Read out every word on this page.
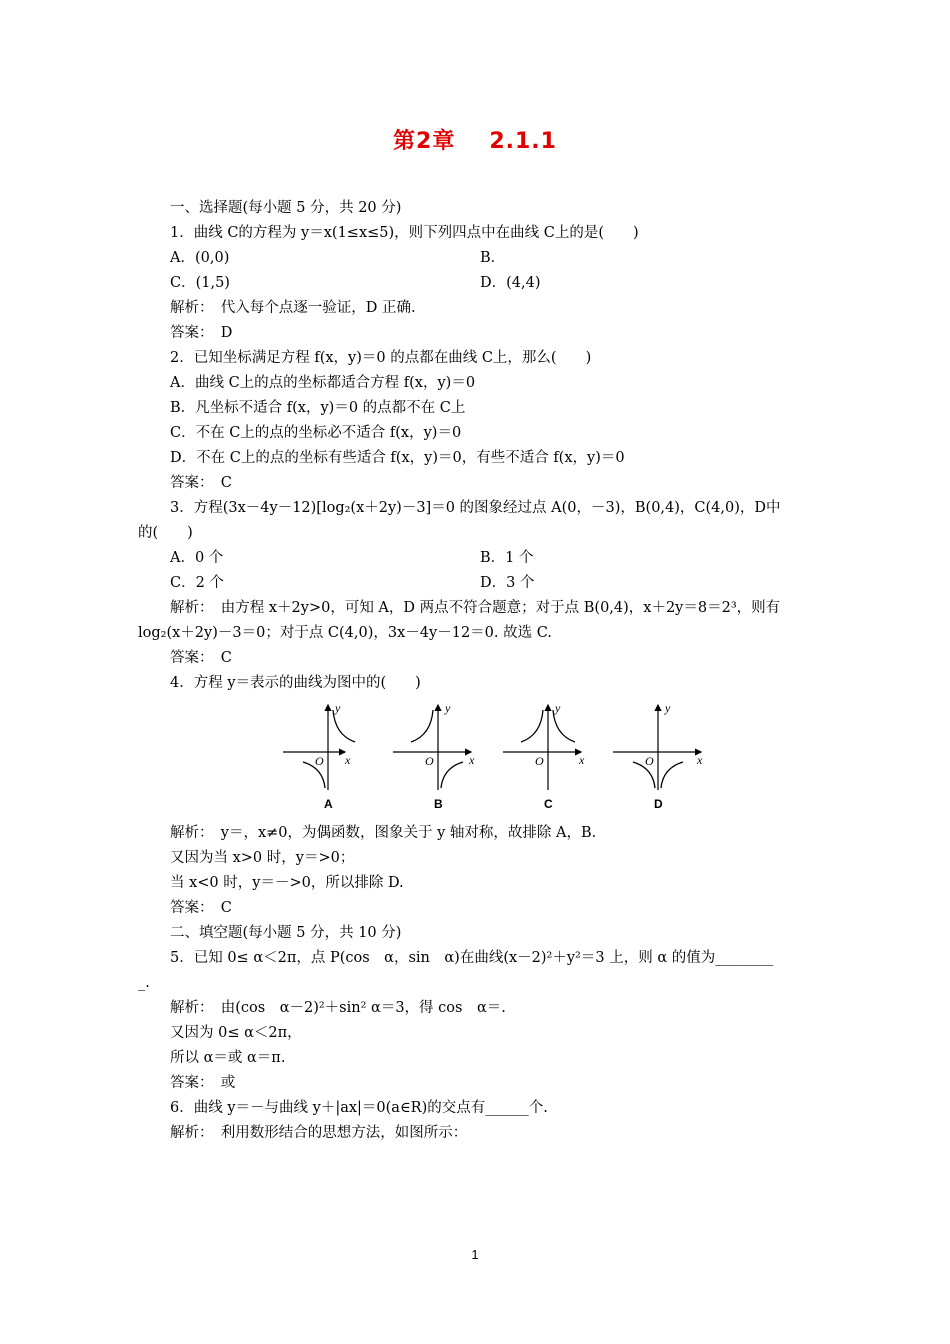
第2章 2.1.1
一、选择题(每小题 5 分，共 20 分)
1．曲线 C的方程为 y＝x(1≤x≤5)，则下列四点中在曲线 C上的是(　　)
A．(0,0)	B．
C．(1,5)	D．(4,4)
解析：　代入每个点逐一验证，D 正确.
答案：　D
2．已知坐标满足方程 f(x，y)＝0 的点都在曲线 C上，那么(　　)
A．曲线 C上的点的坐标都适合方程 f(x，y)＝0
B．凡坐标不适合 f(x，y)＝0 的点都不在 C上
C．不在 C上的点的坐标必不适合 f(x，y)＝0
D．不在 C上的点的坐标有些适合 f(x，y)＝0，有些不适合 f(x，y)＝0
答案：　C
3．方程(3x－4y－12)[log₂(x＋2y)－3]＝0 的图象经过点 A(0，－3)，B(0,4)，C(4,0)，D中
的(　　)
A．0 个	B．1 个
C．2 个	D．3 个
解析：　由方程 x＋2y>0，可知 A，D 两点不符合题意；对于点 B(0,4)，x＋2y＝8＝2³，则有
log₂(x＋2y)－3＝0；对于点 C(4,0)，3x－4y－12＝0. 故选 C.
答案：　C
4．方程 y＝表示的曲线为图中的(　　)
y
x
O
A
y
x
O
B
y
x
O
C
y
x
O
D
解析：　y＝，x≠0，为偶函数，图象关于 y 轴对称，故排除 A，B.
又因为当 x>0 时，y＝>0；
当 x<0 时，y＝－>0，所以排除 D.
答案：　C
二、填空题(每小题 5 分，共 10 分)
5．已知 0≤ α＜2π，点 P(cos　α，sin　α)在曲线(x－2)²＋y²＝3 上，则 α 的值为________
_.
解析：　由(cos　α－2)²＋sin² α＝3，得 cos　α＝.
又因为 0≤ α＜2π，
所以 α＝或 α＝π.
答案：　或
6．曲线 y＝－与曲线 y＋|ax|＝0(a∈R)的交点有______个.
解析：　利用数形结合的思想方法，如图所示：
1
